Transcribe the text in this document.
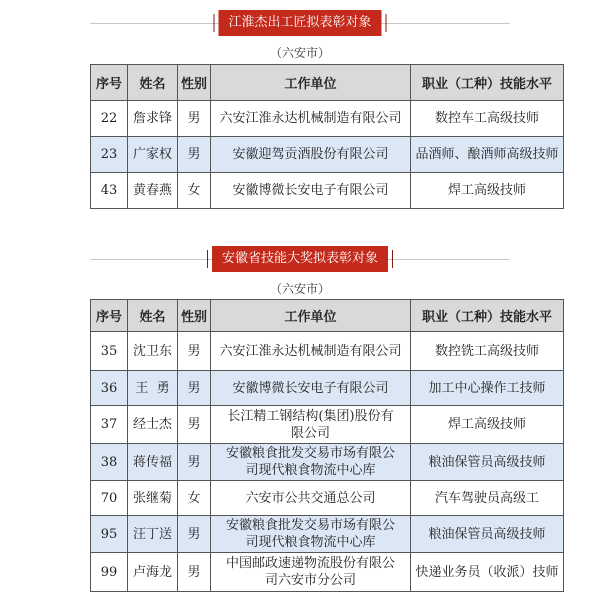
江淮杰出工匠拟表彰对象
（六安市）
序号	姓名	性别	工作单位	职业（工种）技能水平
22	詹求锋	男	六安江淮永达机械制造有限公司	数控车工高级技师
23	广家权	男	安徽迎驾贡酒股份有限公司	品酒师、酿酒师高级技师
43	黄春燕	女	安徽博微长安电子有限公司	焊工高级技师
安徽省技能大奖拟表彰对象
（六安市）
序号	姓名	性别	工作单位	职业（工种）技能水平
35	沈卫东	男	六安江淮永达机械制造有限公司	数控铣工高级技师
36	王  勇	男	安徽博微长安电子有限公司	加工中心操作工技师
37	经士杰	男	长江精工钢结构(集团)股份有限公司	焊工高级技师
38	蒋传福	男	安徽粮食批发交易市场有限公司现代粮食物流中心库	粮油保管员高级技师
70	张继菊	女	六安市公共交通总公司	汽车驾驶员高级工
95	汪丁送	男	安徽粮食批发交易市场有限公司现代粮食物流中心库	粮油保管员高级技师
99	卢海龙	男	中国邮政速递物流股份有限公司六安市分公司	快递业务员（收派）技师
